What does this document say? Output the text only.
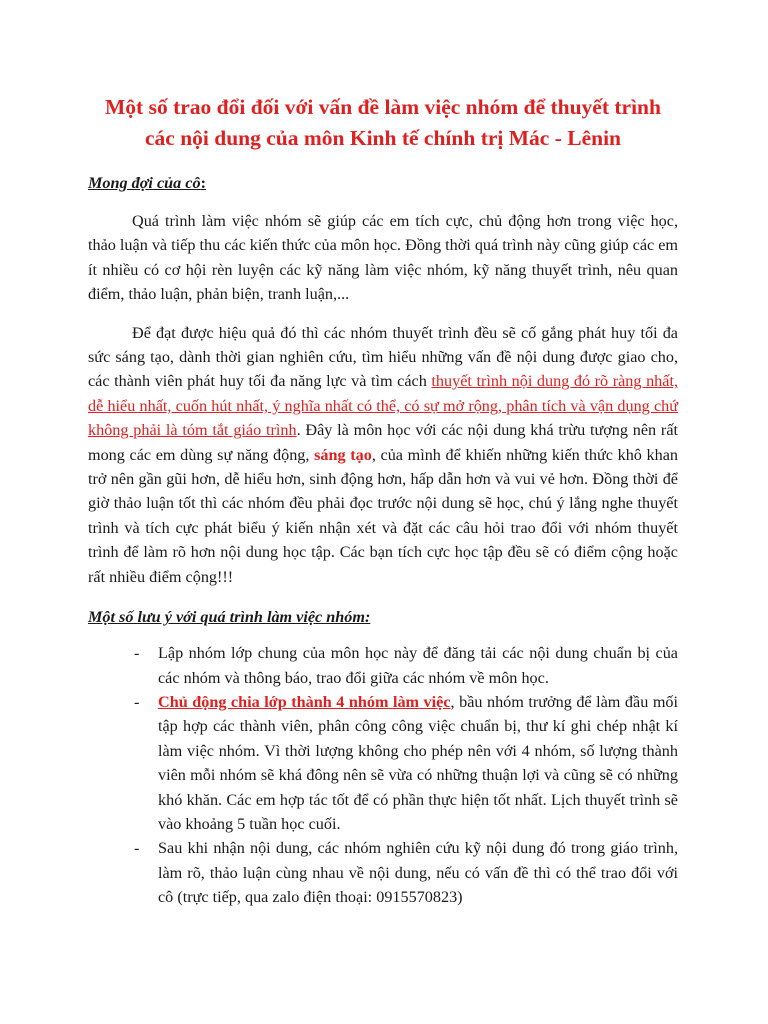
Một số trao đổi đối với vấn đề làm việc nhóm để thuyết trình
các nội dung của môn Kinh tế chính trị Mác - Lênin
Mong đợi của cô:

Quá trình làm việc nhóm sẽ giúp các em tích cực, chủ động hơn trong việc học, thảo luận và tiếp thu các kiến thức của môn học. Đồng thời quá trình này cũng giúp các em ít nhiều có cơ hội rèn luyện các kỹ năng làm việc nhóm, kỹ năng thuyết trình, nêu quan điểm, thảo luận, phản biện, tranh luận,...

Để đạt được hiệu quả đó thì các nhóm thuyết trình đều sẽ cố gắng phát huy tối đa sức sáng tạo, dành thời gian nghiên cứu, tìm hiểu những vấn đề nội dung được giao cho, các thành viên phát huy tối đa năng lực và tìm cách thuyết trình nội dung đó rõ ràng nhất, dễ hiểu nhất, cuốn hút nhất, ý nghĩa nhất có thể, có sự mở rộng, phân tích và vận dụng chứ không phải là tóm tắt giáo trình. Đây là môn học với các nội dung khá trừu tượng nên rất mong các em dùng sự năng động, sáng tạo, của mình để khiến những kiến thức khô khan trở nên gần gũi hơn, dễ hiểu hơn, sinh động hơn, hấp dẫn hơn và vui vẻ hơn. Đồng thời để giờ thảo luận tốt thì các nhóm đều phải đọc trước nội dung sẽ học, chú ý lắng nghe thuyết trình và tích cực phát biểu ý kiến nhận xét và đặt các câu hỏi trao đổi với nhóm thuyết trình để làm rõ hơn nội dung học tập. Các bạn tích cực học tập đều sẽ có điểm cộng hoặc rất nhiều điểm cộng!!!

Một số lưu ý với quá trình làm việc nhóm:
- Lập nhóm lớp chung của môn học này để đăng tải các nội dung chuẩn bị của các nhóm và thông báo, trao đổi giữa các nhóm về môn học.
- Chủ động chia lớp thành 4 nhóm làm việc, bầu nhóm trưởng để làm đầu mối tập hợp các thành viên, phân công công việc chuẩn bị, thư kí ghi chép nhật kí làm việc nhóm. Vì thời lượng không cho phép nên với 4 nhóm, số lượng thành viên mỗi nhóm sẽ khá đông nên sẽ vừa có những thuận lợi và cũng sẽ có những khó khăn. Các em hợp tác tốt để có phần thực hiện tốt nhất. Lịch thuyết trình sẽ vào khoảng 5 tuần học cuối.
- Sau khi nhận nội dung, các nhóm nghiên cứu kỹ nội dung đó trong giáo trình, làm rõ, thảo luận cùng nhau về nội dung, nếu có vấn đề thì có thể trao đổi với cô (trực tiếp, qua zalo điện thoại: 0915570823)
